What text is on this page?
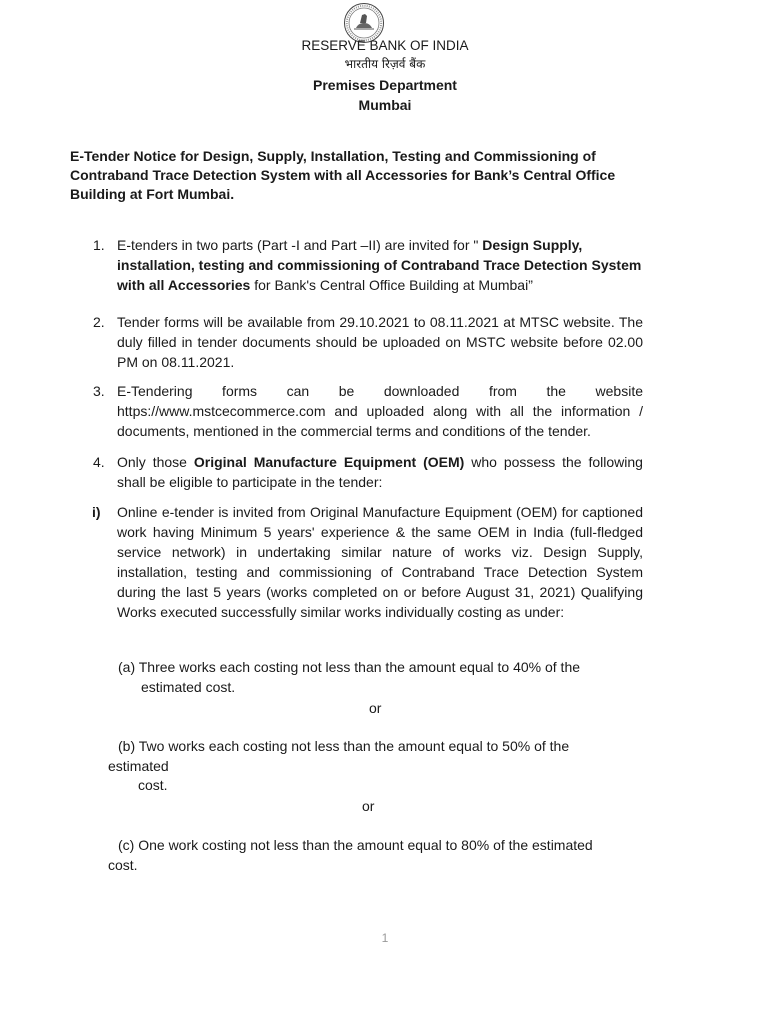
RESERVE BANK OF INDIA
भारतीय रिज़र्व बैंक
Premises Department
Mumbai
E-Tender Notice for Design, Supply, Installation, Testing and Commissioning of Contraband Trace Detection System with all Accessories for Bank’s Central Office Building at Fort Mumbai.
1. E-tenders in two parts (Part -I and Part –II) are invited for " Design Supply, installation, testing and commissioning of Contraband Trace Detection System with all Accessories for Bank's Central Office Building at Mumbai”
2. Tender forms will be available from 29.10.2021 to 08.11.2021 at MTSC website. The duly filled in tender documents should be uploaded on MSTC website before 02.00 PM on 08.11.2021.
3. E-Tendering forms can be downloaded from the website https://www.mstcecommerce.com and uploaded along with all the information / documents, mentioned in the commercial terms and conditions of the tender.
4. Only those Original Manufacture Equipment (OEM) who possess the following shall be eligible to participate in the tender:
i)	Online e-tender is invited from Original Manufacture Equipment (OEM) for captioned work having Minimum 5 years' experience & the same OEM in India (full-fledged service network) in undertaking similar nature of works viz. Design Supply, installation, testing and commissioning of Contraband Trace Detection System during the last 5 years (works completed on or before August 31, 2021) Qualifying Works executed successfully similar works individually costing as under:
(a) Three works each costing not less than the amount equal to 40% of the
estimated cost.
or
(b) Two works each costing not less than the amount equal to 50% of the
estimated
cost.
or
(c) One work costing not less than the amount equal to 80% of the estimated
cost.
1
